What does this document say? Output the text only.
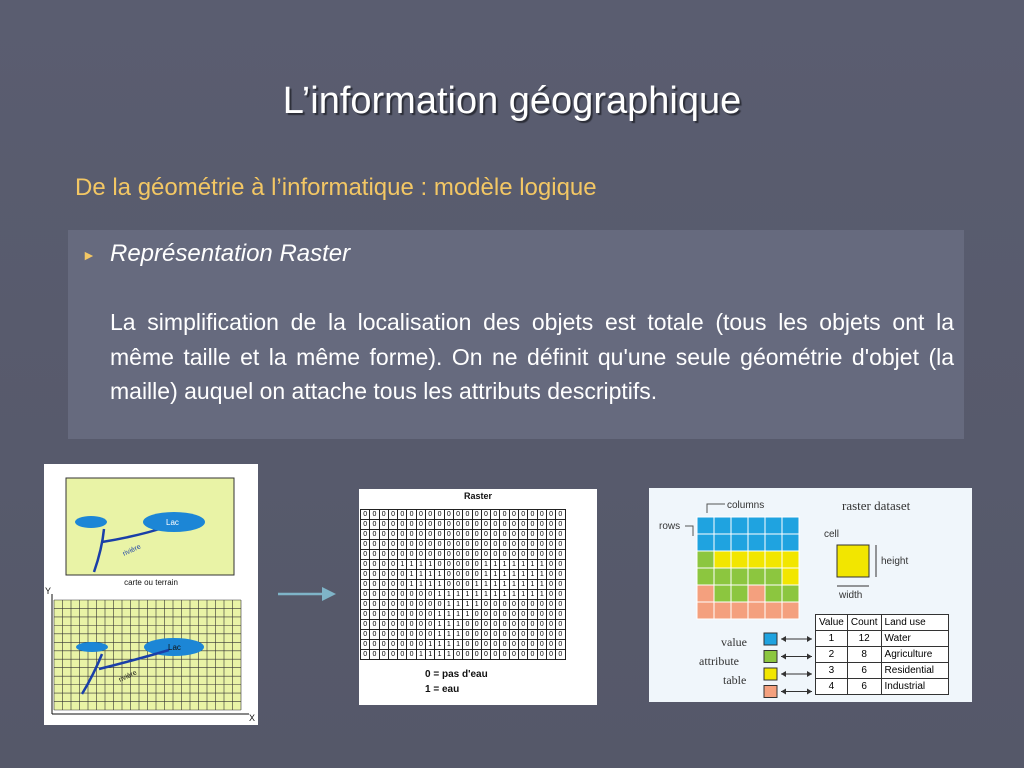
L’information géographique
De la géométrie à l’informatique : modèle logique
► Représentation Raster
La simplification de la localisation des objets est totale (tous les objets ont la même taille et la même forme). On ne définit qu'une seule géométrie d'objet (la maille) auquel on attache tous les attributs descriptifs.
Lac
rivière
carte ou terrain
Lac
rivière
Y
X
Raster
0	0	0	0	0	0	0	0	0	0	0	0	0	0	0	0	0	0	0	0	0	0
0	0	0	0	0	0	0	0	0	0	0	0	0	0	0	0	0	0	0	0	0	0
0	0	0	0	0	0	0	0	0	0	0	0	0	0	0	0	0	0	0	0	0	0
0	0	0	0	0	0	0	0	0	0	0	0	0	0	0	0	0	0	0	0	0	0
0	0	0	0	0	0	0	0	0	0	0	0	0	0	0	0	0	0	0	0	0	0
0	0	0	0	1	1	1	1	0	0	0	0	0	1	1	1	1	1	1	1	0	0
0	0	0	0	0	1	1	1	1	0	0	0	0	1	1	1	1	1	1	1	0	0
0	0	0	0	0	1	1	1	1	0	0	0	1	1	1	1	1	1	1	1	0	0
0	0	0	0	0	0	0	0	1	1	1	1	1	1	1	1	1	1	1	1	0	0
0	0	0	0	0	0	0	0	0	1	1	1	1	0	0	0	0	0	0	0	0	0
0	0	0	0	0	0	0	0	1	1	1	1	0	0	0	0	0	0	0	0	0	0
0	0	0	0	0	0	0	0	1	1	1	0	0	0	0	0	0	0	0	0	0	0
0	0	0	0	0	0	0	0	1	1	1	0	0	0	0	0	0	0	0	0	0	0
0	0	0	0	0	0	0	1	1	1	1	0	0	0	0	0	0	0	0	0	0	0
0	0	0	0	0	0	1	1	1	1	0	0	0	0	0	0	0	0	0	0	0	0
0 = pas d'eau
1 = eau
raster dataset
columns
rows
cell
height
width
value
attribute
table
Value	Count	Land use
1	12	Water
2	8	Agriculture
3	6	Residential
4	6	Industrial
